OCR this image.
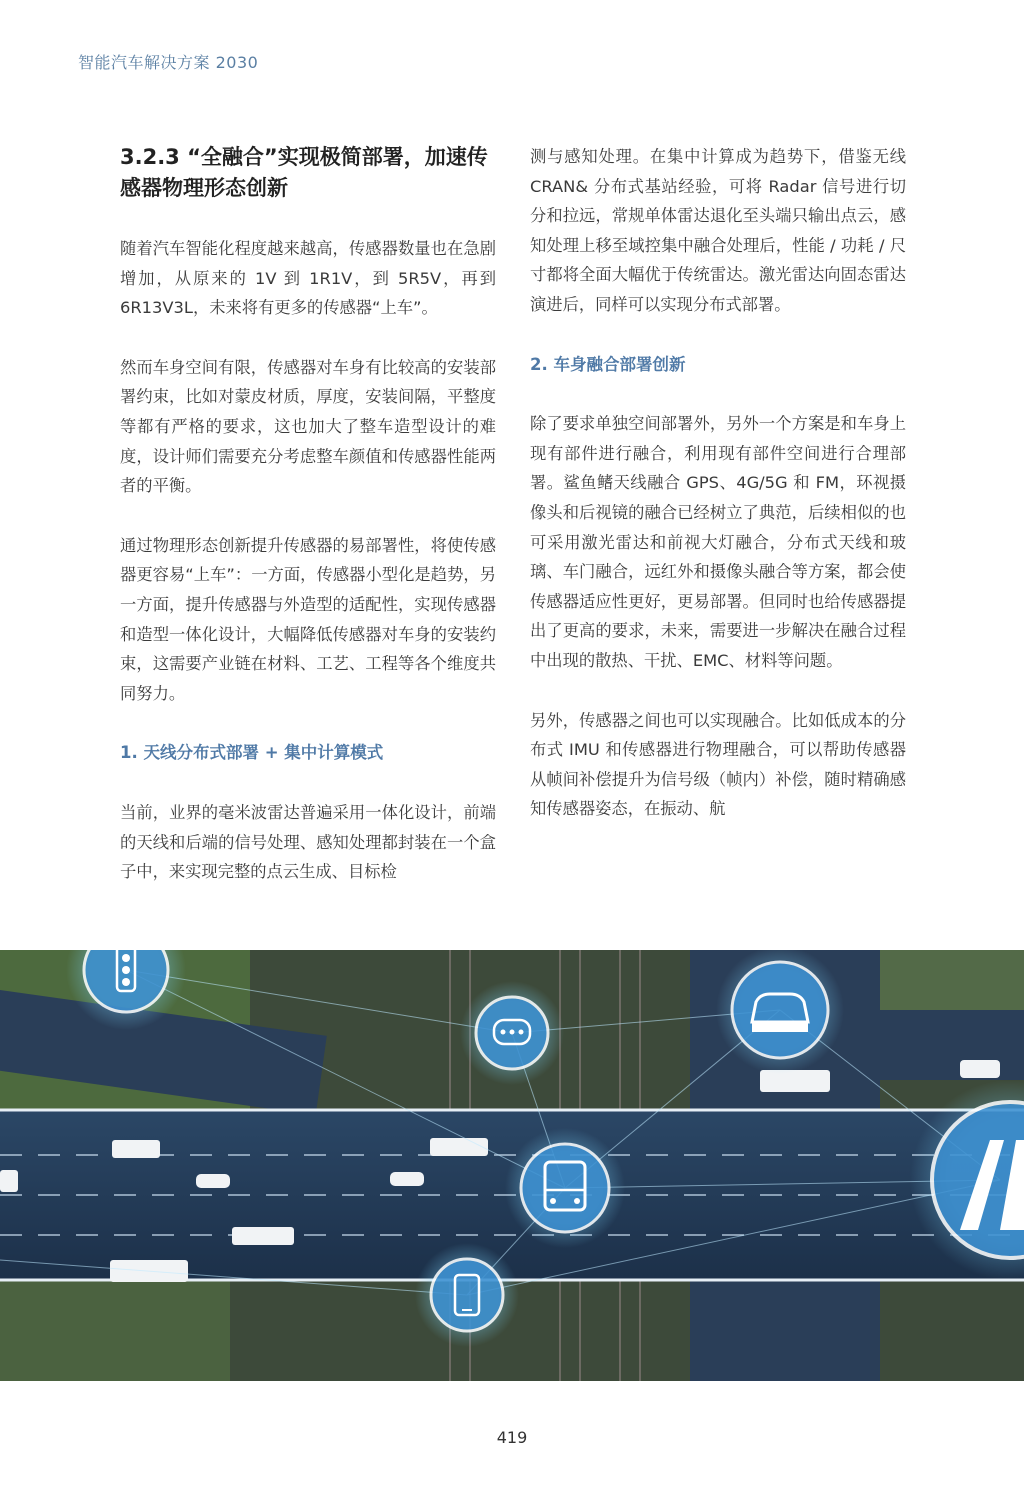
智能汽车解决方案 2030
3.2.3 “全融合”实现极简部署，加速传感器物理形态创新

随着汽车智能化程度越来越高，传感器数量也在急剧增加，从原来的 1V 到 1R1V，到 5R5V，再到 6R13V3L，未来将有更多的传感器“上车”。

然而车身空间有限，传感器对车身有比较高的安装部署约束，比如对蒙皮材质，厚度，安装间隔，平整度等都有严格的要求，这也加大了整车造型设计的难度，设计师们需要充分考虑整车颜值和传感器性能两者的平衡。

通过物理形态创新提升传感器的易部署性，将使传感器更容易“上车”：一方面，传感器小型化是趋势，另一方面，提升传感器与外造型的适配性，实现传感器和造型一体化设计，大幅降低传感器对车身的安装约束，这需要产业链在材料、工艺、工程等各个维度共同努力。

1. 天线分布式部署 + 集中计算模式

当前，业界的毫米波雷达普遍采用一体化设计，前端的天线和后端的信号处理、感知处理都封装在一个盒子中，来实现完整的点云生成、目标检

测与感知处理。在集中计算成为趋势下，借鉴无线 CRAN& 分布式基站经验，可将 Radar 信号进行切分和拉远，常规单体雷达退化至头端只输出点云，感知处理上移至域控集中融合处理后，性能 / 功耗 / 尺寸都将全面大幅优于传统雷达。激光雷达向固态雷达演进后，同样可以实现分布式部署。

2. 车身融合部署创新

除了要求单独空间部署外，另外一个方案是和车身上现有部件进行融合，利用现有部件空间进行合理部署。鲨鱼鳍天线融合 GPS、4G/5G 和 FM，环视摄像头和后视镜的融合已经树立了典范，后续相似的也可采用激光雷达和前视大灯融合，分布式天线和玻璃、车门融合，远红外和摄像头融合等方案，都会使传感器适应性更好，更易部署。但同时也给传感器提出了更高的要求，未来，需要进一步解决在融合过程中出现的散热、干扰、EMC、材料等问题。

另外，传感器之间也可以实现融合。比如低成本的分布式 IMU 和传感器进行物理融合，可以帮助传感器从帧间补偿提升为信号级（帧内）补偿，随时精确感知传感器姿态，在振动、航

419
